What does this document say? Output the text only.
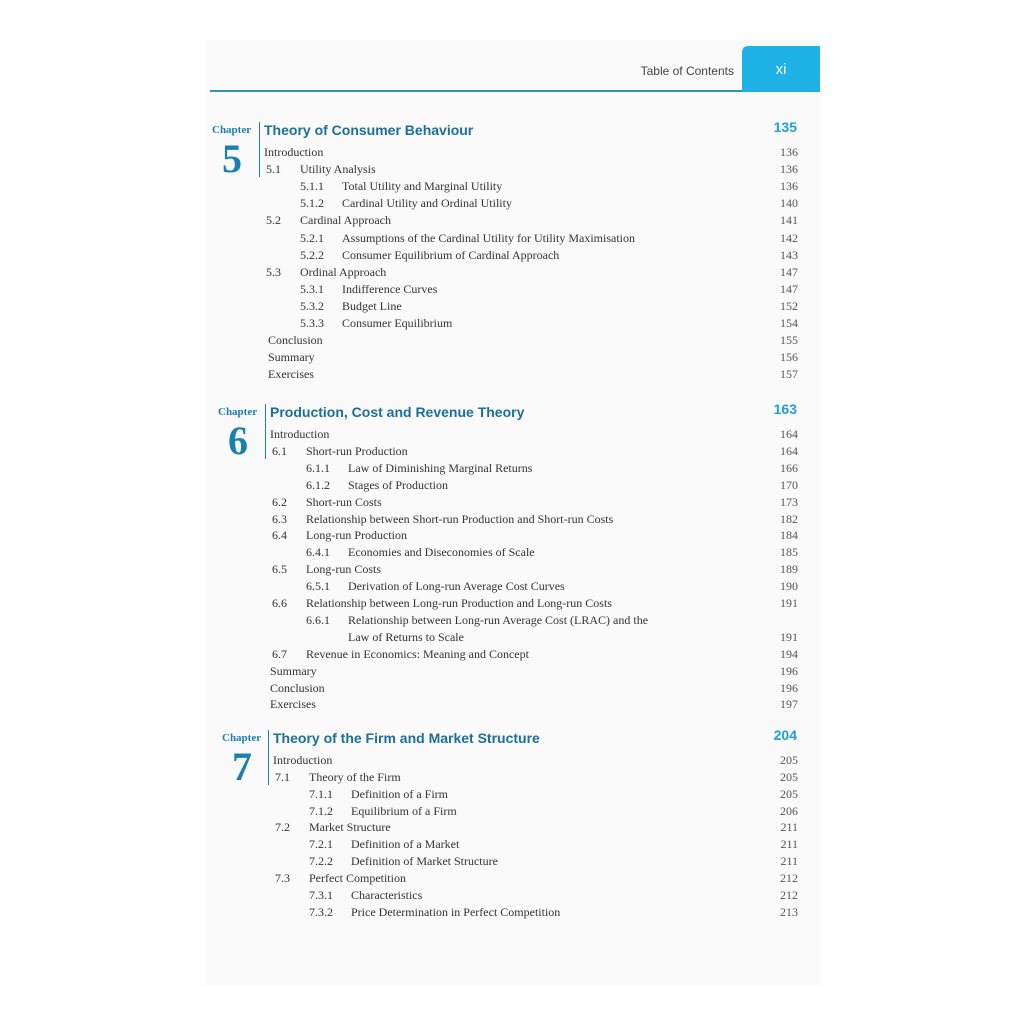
Table of Contents	xi
Chapter
5
Theory of Consumer Behaviour	135
Introduction	136
5.1 Utility Analysis	136
5.1.1 Total Utility and Marginal Utility	136
5.1.2 Cardinal Utility and Ordinal Utility	140
5.2 Cardinal Approach	141
5.2.1 Assumptions of the Cardinal Utility for Utility Maximisation	142
5.2.2 Consumer Equilibrium of Cardinal Approach	143
5.3 Ordinal Approach	147
5.3.1 Indifference Curves	147
5.3.2 Budget Line	152
5.3.3 Consumer Equilibrium	154
Conclusion	155
Summary	156
Exercises	157
Chapter
6
Production, Cost and Revenue Theory	163
Introduction	164
6.1 Short-run Production	164
6.1.1 Law of Diminishing Marginal Returns	166
6.1.2 Stages of Production	170
6.2 Short-run Costs	173
6.3 Relationship between Short-run Production and Short-run Costs	182
6.4 Long-run Production	184
6.4.1 Economies and Diseconomies of Scale	185
6.5 Long-run Costs	189
6.5.1 Derivation of Long-run Average Cost Curves	190
6.6 Relationship between Long-run Production and Long-run Costs	191
6.6.1 Relationship between Long-run Average Cost (LRAC) and the
Law of Returns to Scale	191
6.7 Revenue in Economics: Meaning and Concept	194
Summary	196
Conclusion	196
Exercises	197
Chapter
7
Theory of the Firm and Market Structure	204
Introduction	205
7.1 Theory of the Firm	205
7.1.1 Definition of a Firm	205
7.1.2 Equilibrium of a Firm	206
7.2 Market Structure	211
7.2.1 Definition of a Market	211
7.2.2 Definition of Market Structure	211
7.3 Perfect Competition	212
7.3.1 Characteristics	212
7.3.2 Price Determination in Perfect Competition	213
